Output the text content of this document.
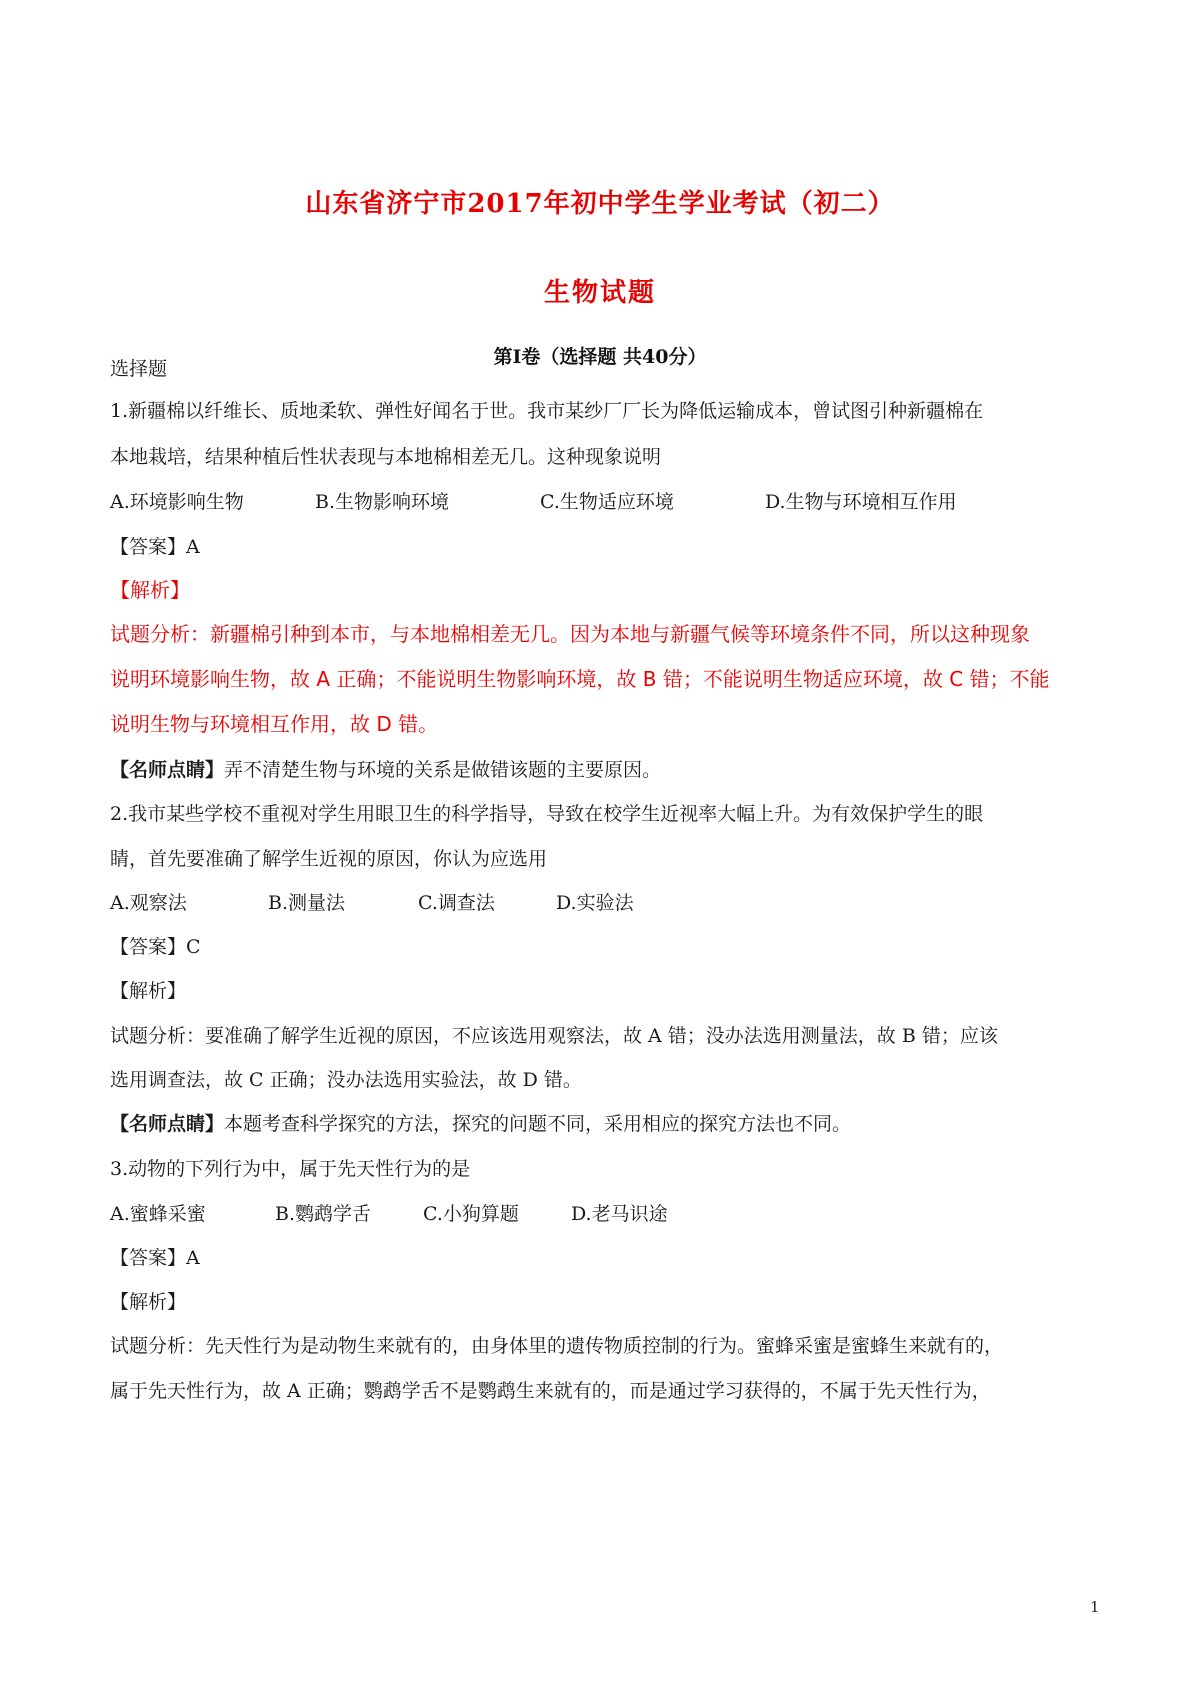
山东省济宁市2017年初中学生学业考试（初二）
生物试题
第Ⅰ卷（选择题 共40分）
选择题
1.新疆棉以纤维长、质地柔软、弹性好闻名于世。我市某纱厂厂长为降低运输成本，曾试图引种新疆棉在
本地栽培，结果种植后性状表现与本地棉相差无几。这种现象说明
A.环境影响生物	B.生物影响环境	C.生物适应环境	D.生物与环境相互作用
【答案】A
【解析】
试题分析：新疆棉引种到本市，与本地棉相差无几。因为本地与新疆气候等环境条件不同，所以这种现象
说明环境影响生物，故 A 正确；不能说明生物影响环境，故 B 错；不能说明生物适应环境，故 C 错；不能
说明生物与环境相互作用，故 D 错。
【名师点睛】弄不清楚生物与环境的关系是做错该题的主要原因。
2.我市某些学校不重视对学生用眼卫生的科学指导，导致在校学生近视率大幅上升。为有效保护学生的眼
睛，首先要准确了解学生近视的原因，你认为应选用
A.观察法	B.测量法	C.调查法	D.实验法
【答案】C
【解析】
试题分析：要准确了解学生近视的原因，不应该选用观察法，故 A 错；没办法选用测量法，故 B 错；应该
选用调查法，故 C 正确；没办法选用实验法，故 D 错。
【名师点睛】本题考查科学探究的方法，探究的问题不同，采用相应的探究方法也不同。
3.动物的下列行为中，属于先天性行为的是
A.蜜蜂采蜜	B.鹦鹉学舌	C.小狗算题	D.老马识途
【答案】A
【解析】
试题分析：先天性行为是动物生来就有的，由身体里的遗传物质控制的行为。蜜蜂采蜜是蜜蜂生来就有的，
属于先天性行为，故 A 正确；鹦鹉学舌不是鹦鹉生来就有的，而是通过学习获得的，不属于先天性行为，
1
